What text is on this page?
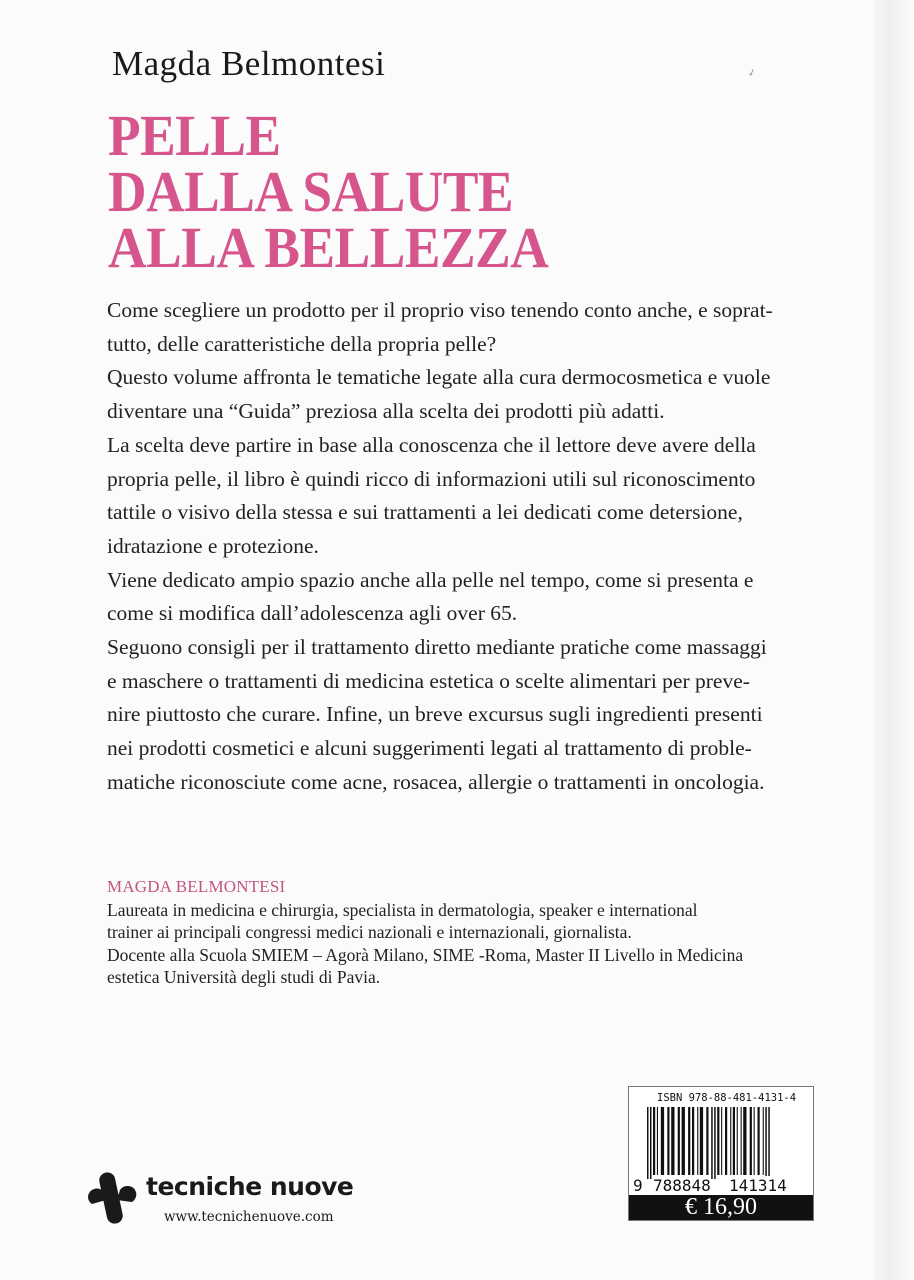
✓
Magda Belmontesi
PELLE
DALLA SALUTE
ALLA BELLEZZA
Come scegliere un prodotto per il proprio viso tenendo conto anche, e soprat-
tutto, delle caratteristiche della propria pelle?
Questo volume affronta le tematiche legate alla cura dermocosmetica e vuole
diventare una “Guida” preziosa alla scelta dei prodotti più adatti.
La scelta deve partire in base alla conoscenza che il lettore deve avere della
propria pelle, il libro è quindi ricco di informazioni utili sul riconoscimento
tattile o visivo della stessa e sui trattamenti a lei dedicati come detersione,
idratazione e protezione.
Viene dedicato ampio spazio anche alla pelle nel tempo, come si presenta e
come si modifica dall’adolescenza agli over 65.
Seguono consigli per il trattamento diretto mediante pratiche come massaggi
e maschere o trattamenti di medicina estetica o scelte alimentari per preve-
nire piuttosto che curare. Infine, un breve excursus sugli ingredienti presenti
nei prodotti cosmetici e alcuni suggerimenti legati al trattamento di proble-
matiche riconosciute come acne, rosacea, allergie o trattamenti in oncologia.
MAGDA BELMONTESI
Laureata in medicina e chirurgia, specialista in dermatologia, speaker e international
trainer ai principali congressi medici nazionali e internazionali, giornalista.
Docente alla Scuola SMIEM – Agorà Milano, SIME -Roma, Master II Livello in Medicina
estetica Università degli studi di Pavia.
tecniche nuove
www.tecnichenuove.com
ISBN 978-88-481-4131-4
9 788848 141314
€ 16,90
